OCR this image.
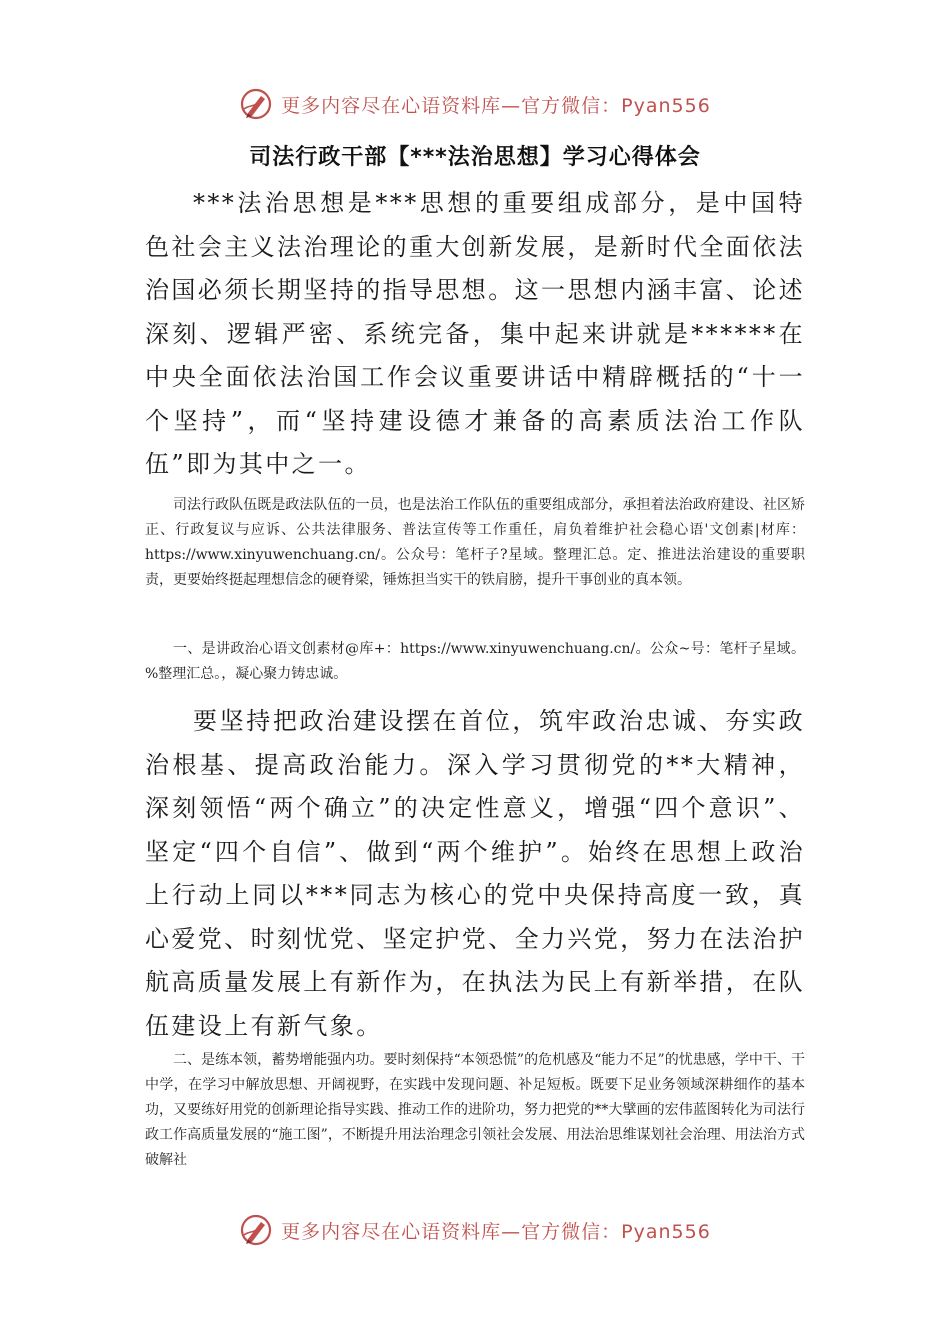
更多内容尽在心语资料库—官方微信：Pyan556
司法行政干部【***法治思想】学习心得体会

***法治思想是***思想的重要组成部分，是中国特色社会主义法治理论的重大创新发展，是新时代全面依法治国必须长期坚持的指导思想。这一思想内涵丰富、论述深刻、逻辑严密、系统完备，集中起来讲就是******在中央全面依法治国工作会议重要讲话中精辟概括的“十一个坚持”，而“坚持建设德才兼备的高素质法治工作队伍”即为其中之一。

司法行政队伍既是政法队伍的一员，也是法治工作队伍的重要组成部分，承担着法治政府建设、社区矫正、行政复议与应诉、公共法律服务、普法宣传等工作重任，肩负着维护社会稳心语'文创素|材库：https://www.xinyuwenchuang.cn/。公众号：笔杆子?星域。整理汇总。定、推进法治建设的重要职责，更要始终挺起理想信念的硬脊梁，锤炼担当实干的铁肩膀，提升干事创业的真本领。

一、是讲政治心语文创素材@库+：https://www.xinyuwenchuang.cn/。公众~号：笔杆子星域。%整理汇总。，凝心聚力铸忠诚。

要坚持把政治建设摆在首位，筑牢政治忠诚、夯实政治根基、提高政治能力。深入学习贯彻党的**大精神，深刻领悟“两个确立”的决定性意义，增强“四个意识”、坚定“四个自信”、做到“两个维护”。始终在思想上政治上行动上同以***同志为核心的党中央保持高度一致，真心爱党、时刻忧党、坚定护党、全力兴党，努力在法治护航高质量发展上有新作为，在执法为民上有新举措，在队伍建设上有新气象。

二、是练本领，蓄势增能强内功。要时刻保持“本领恐慌”的危机感及“能力不足”的忧患感，学中干、干中学，在学习中解放思想、开阔视野，在实践中发现问题、补足短板。既要下足业务领域深耕细作的基本功，又要练好用党的创新理论指导实践、推动工作的进阶功，努力把党的**大擘画的宏伟蓝图转化为司法行政工作高质量发展的“施工图”，不断提升用法治理念引领社会发展、用法治思维谋划社会治理、用法治方式破解社

更多内容尽在心语资料库—官方微信：Pyan556
